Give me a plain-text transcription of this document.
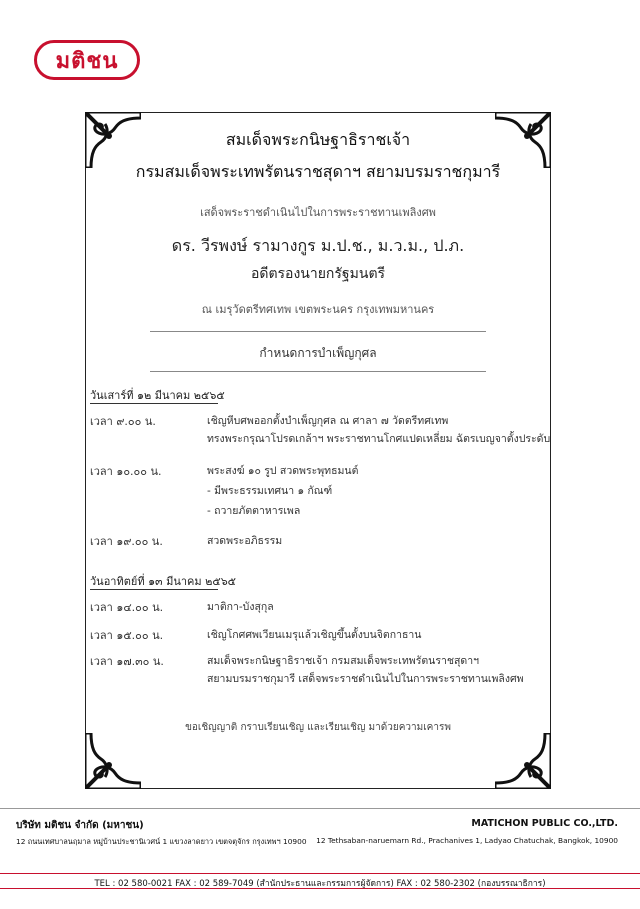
มติชน
สมเด็จพระกนิษฐาธิราชเจ้า
กรมสมเด็จพระเทพรัตนราชสุดาฯ สยามบรมราชกุมารี
เสด็จพระราชดำเนินไปในการพระราชทานเพลิงศพ
ดร. วีรพงษ์ รามางกูร ม.ป.ช., ม.ว.ม., ป.ภ.
อดีตรองนายกรัฐมนตรี
ณ เมรุวัดตรีทศเทพ เขตพระนคร กรุงเทพมหานคร
กำหนดการบำเพ็ญกุศล
วันเสาร์ที่ ๑๒ มีนาคม ๒๕๖๕
เวลา ๙.๐๐ น.	เชิญหีบศพออกตั้งบำเพ็ญกุศล ณ ศาลา ๗ วัดตรีทศเทพ
ทรงพระกรุณาโปรดเกล้าฯ พระราชทานโกศแปดเหลี่ยม ฉัตรเบญจาตั้งประดับ
เวลา ๑๐.๐๐ น.	พระสงฆ์ ๑๐ รูป สวดพระพุทธมนต์
- มีพระธรรมเทศนา ๑ กัณฑ์
- ถวายภัตตาหารเพล
เวลา ๑๙.๐๐ น.	สวดพระอภิธรรม
วันอาทิตย์ที่ ๑๓ มีนาคม ๒๕๖๕
เวลา ๑๔.๐๐ น.	มาติกา-บังสุกุล
เวลา ๑๕.๐๐ น.	เชิญโกศศพเวียนเมรุแล้วเชิญขึ้นตั้งบนจิตกาธาน
เวลา ๑๗.๓๐ น.	สมเด็จพระกนิษฐาธิราชเจ้า กรมสมเด็จพระเทพรัตนราชสุดาฯ
สยามบรมราชกุมารี เสด็จพระราชดำเนินไปในการพระราชทานเพลิงศพ
ขอเชิญญาติ กราบเรียนเชิญ และเรียนเชิญ มาด้วยความเคารพ
บริษัท มติชน จำกัด (มหาชน)	MATICHON PUBLIC CO.,LTD.
12 ถนนเทศบาลนฤมาล หมู่บ้านประชานิเวศน์ 1 แขวงลาดยาว เขตจตุจักร กรุงเทพฯ 10900 12 Tethsaban-naruemarn Rd., Prachanives 1, Ladyao Chatuchak, Bangkok, 10900
TEL : 02 580-0021 FAX : 02 589-7049 (สำนักประธานและกรรมการผู้จัดการ) FAX : 02 580-2302 (กองบรรณาธิการ)
